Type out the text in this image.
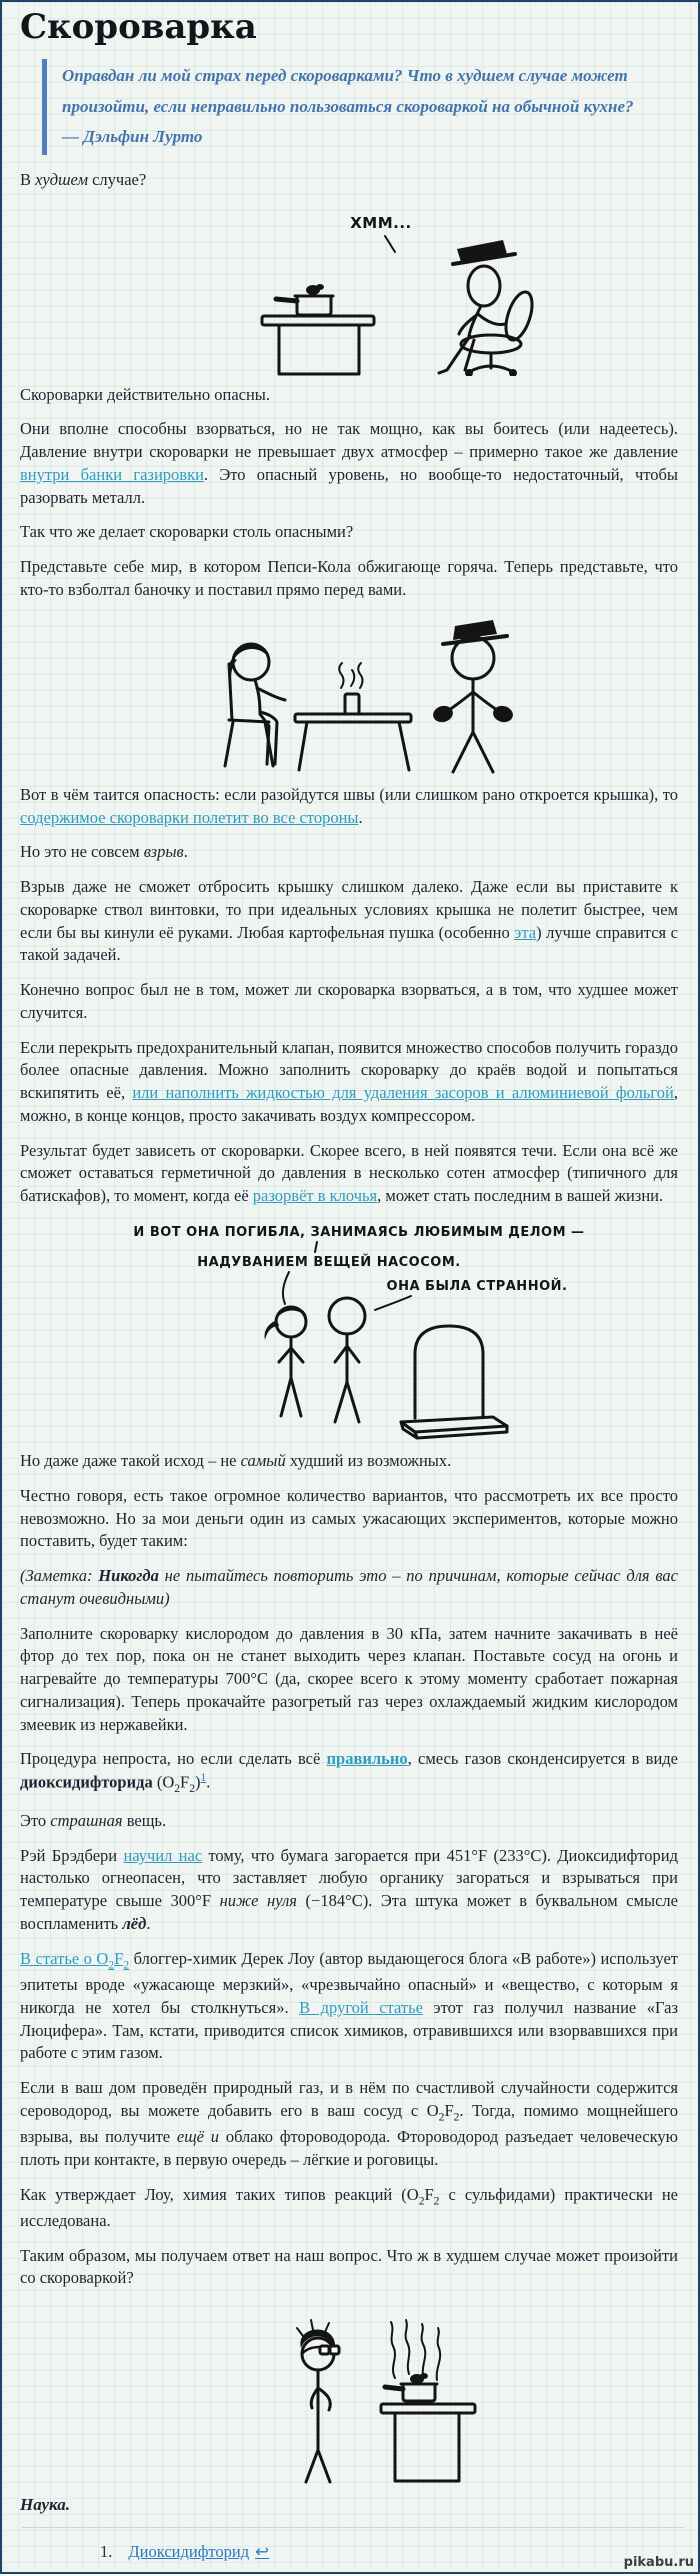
Скороварка

Оправдан ли мой страх перед скороварками? Что в худшем случае может произойти, если неправильно пользоваться скороваркой на обычной кухне?

— Дэльфин Лурто

В худшем случае?

ХММ...

Скороварки действительно опасны.

Они вполне способны взорваться, но не так мощно, как вы боитесь (или надеетесь). Давление внутри скороварки не превышает двух атмосфер – примерно такое же давление внутри банки газировки. Это опасный уровень, но вообще-то недостаточный, чтобы разорвать металл.

Так что же делает скороварки столь опасными?

Представьте себе мир, в котором Пепси-Кола обжигающе горяча. Теперь представьте, что кто-то взболтал баночку и поставил прямо перед вами.

Вот в чём таится опасность: если разойдутся швы (или слишком рано откроется крышка), то содержимое скороварки полетит во все стороны.

Но это не совсем взрыв.

Взрыв даже не сможет отбросить крышку слишком далеко. Даже если вы приставите к скороварке ствол винтовки, то при идеальных условиях крышка не полетит быстрее, чем если бы вы кинули её руками. Любая картофельная пушка (особенно эта) лучше справится с такой задачей.

Конечно вопрос был не в том, может ли скороварка взорваться, а в том, что худшее может случится.

Если перекрыть предохранительный клапан, появится множество способов получить гораздо более опасные давления. Можно заполнить скороварку до краёв водой и попытаться вскипятить её, или наполнить жидкостью для удаления засоров и алюминиевой фольгой, можно, в конце концов, просто закачивать воздух компрессором.

Результат будет зависеть от скороварки. Скорее всего, в ней появятся течи. Если она всё же сможет оставаться герметичной до давления в несколько сотен атмосфер (типичного для батискафов), то момент, когда её разорвёт в клочья, может стать последним в вашей жизни.

И ВОТ ОНА ПОГИБЛА, ЗАНИМАЯСЬ ЛЮБИМЫМ ДЕЛОМ —
НАДУВАНИЕМ ВЕЩЕЙ НАСОСОМ.
ОНА БЫЛА СТРАННОЙ.

Но даже даже такой исход – не самый худший из возможных.

Честно говоря, есть такое огромное количество вариантов, что рассмотреть их все просто невозможно. Но за мои деньги один из самых ужасающих экспериментов, которые можно поставить, будет таким:

(Заметка: Никогда не пытайтесь повторить это – по причинам, которые сейчас для вас станут очевидными)

Заполните скороварку кислородом до давления в 30 кПа, затем начните закачивать в неё фтор до тех пор, пока он не станет выходить через клапан. Поставьте сосуд на огонь и нагревайте до температуры 700°C (да, скорее всего к этому моменту сработает пожарная сигнализация). Теперь прокачайте разогретый газ через охлаждаемый жидким кислородом змеевик из нержавейки.

Процедура непроста, но если сделать всё правильно, смесь газов сконденсируется в виде диоксидифторида $(O_2F_2)^1$.

Это страшная вещь.

Рэй Брэдбери научил нас тому, что бумага загорается при 451°F (233°C). Диоксидифторид настолько огнеопасен, что заставляет любую органику загораться и взрываться при температуре свыше 300°F ниже нуля (−184°C). Эта штука может в буквальном смысле воспламенить лёд.

В статье о $O_2F_2$ блоггер-химик Дерек Лоу (автор выдающегося блога «В работе») использует эпитеты вроде «ужасающе мерзкий», «чрезвычайно опасный» и «вещество, с которым я никогда не хотел бы столкнуться». В другой статье этот газ получил название «Газ Люцифера». Там, кстати, приводится список химиков, отравившихся или взорвавшихся при работе с этим газом.

Если в ваш дом проведён природный газ, и в нём по счастливой случайности содержится сероводород, вы можете добавить его в ваш сосуд с $O_2F_2$. Тогда, помимо мощнейшего взрыва, вы получите ещё и облако фтороводорода. Фтороводород разъедает человеческую плоть при контакте, в первую очередь – лёгкие и роговицы.

Как утверждает Лоу, химия таких типов реакций ($O_2F_2$ с сульфидами) практически не исследована.

Таким образом, мы получаем ответ на наш вопрос. Что ж в худшем случае может произойти со скороваркой?

Наука.

1. Диоксидифторид ↩
pikabu.ru
